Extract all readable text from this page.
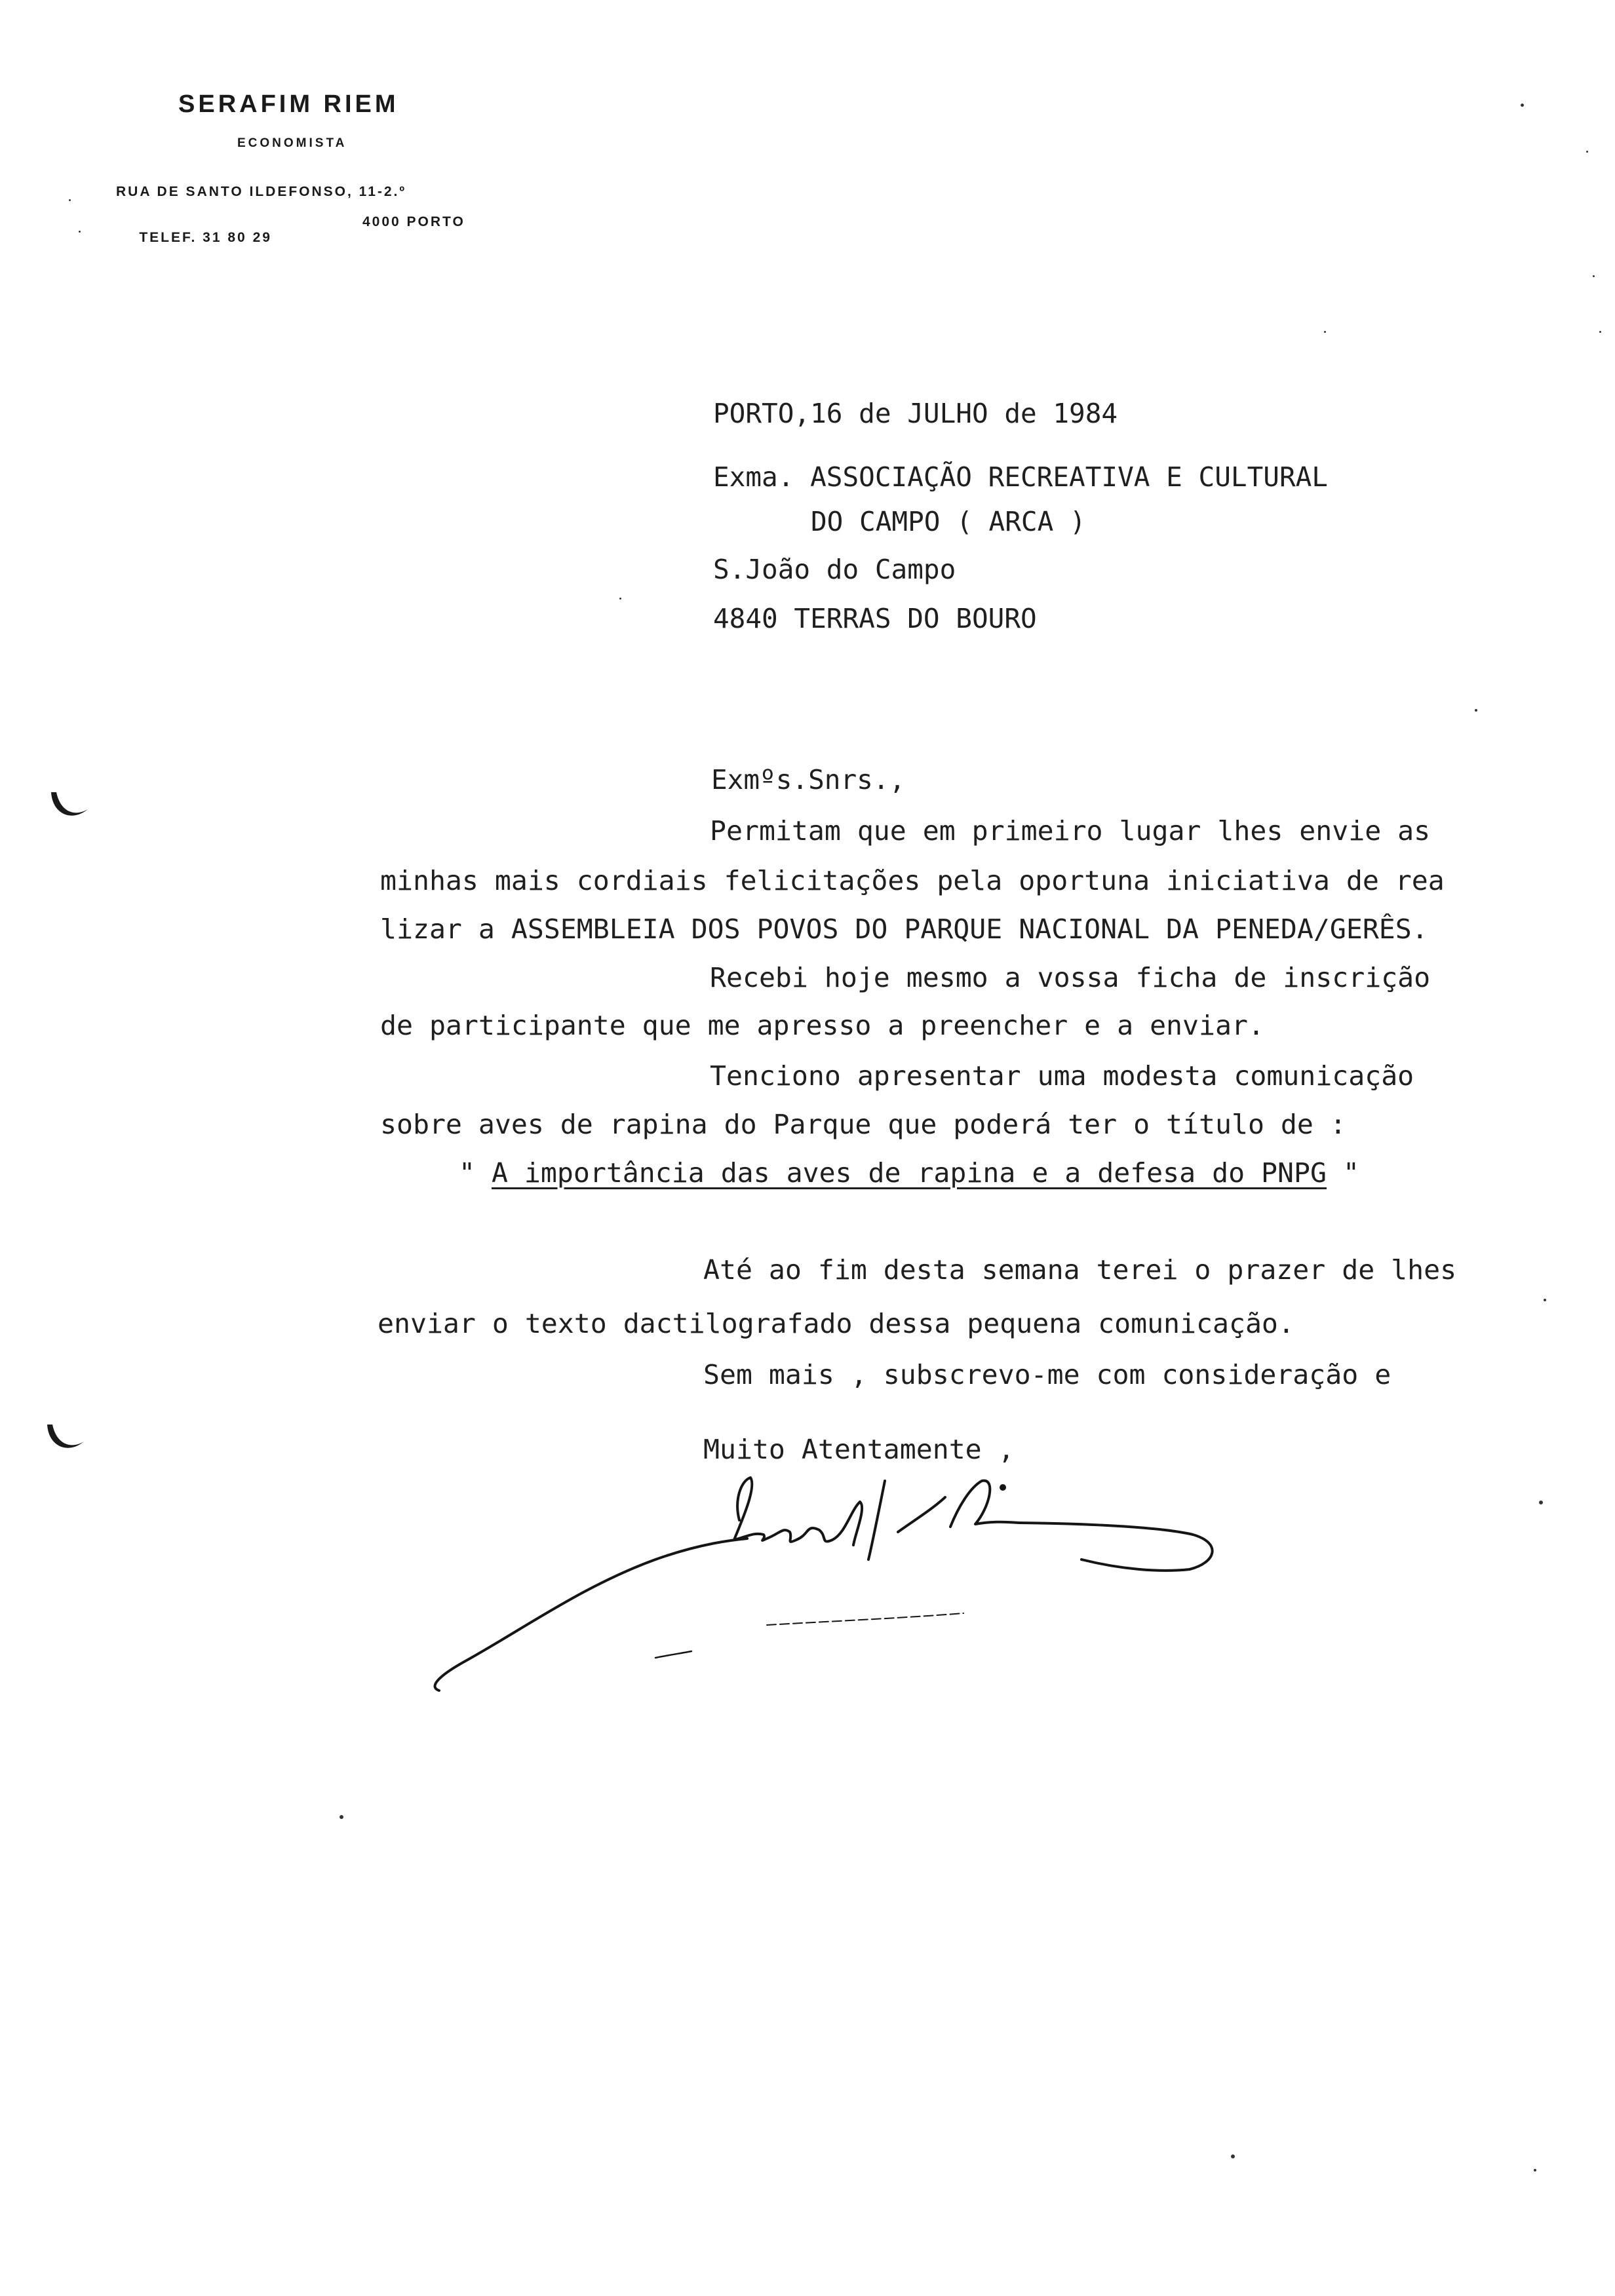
SERAFIM RIEM
ECONOMISTA
RUA DE SANTO ILDEFONSO, 11-2.º

TELEF. 31 80 29

4000 PORTO

PORTO,16 de JULHO de 1984
Exma. ASSOCIAÇÃO RECREATIVA E CULTURAL
DO CAMPO ( ARCA )
S.João do Campo
4840 TERRAS DO BOURO
Exmºs.Snrs.,
Permitam que em primeiro lugar lhes envie as
minhas mais cordiais felicitações pela oportuna iniciativa de rea
lizar a ASSEMBLEIA DOS POVOS DO PARQUE NACIONAL DA PENEDA/GERÊS.
Recebi hoje mesmo a vossa ficha de inscrição
de participante que me apresso a preencher e a enviar.
Tenciono apresentar uma modesta comunicação
sobre aves de rapina do Parque que poderá ter o título de :
" A importância das aves de rapina e a defesa do PNPG "
Até ao fim desta semana terei o prazer de lhes
enviar o texto dactilografado dessa pequena comunicação.
Sem mais , subscrevo-me com consideração e
Muito Atentamente ,
